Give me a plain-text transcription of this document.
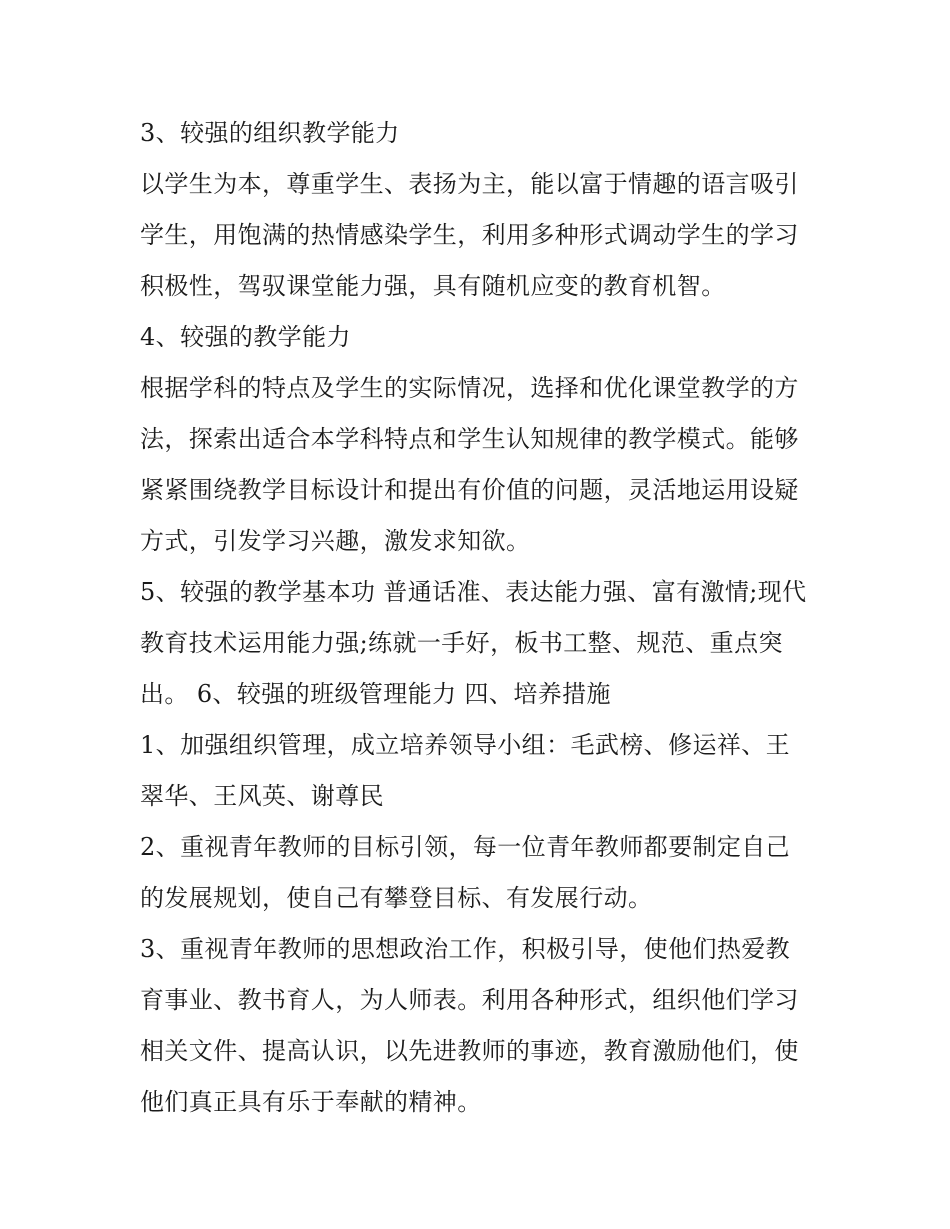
3、较强的组织教学能力
以学生为本，尊重学生、表扬为主，能以富于情趣的语言吸引
学生，用饱满的热情感染学生，利用多种形式调动学生的学习
积极性，驾驭课堂能力强，具有随机应变的教育机智。
4、较强的教学能力
根据学科的特点及学生的实际情况，选择和优化课堂教学的方
法，探索出适合本学科特点和学生认知规律的教学模式。能够
紧紧围绕教学目标设计和提出有价值的问题，灵活地运用设疑
方式，引发学习兴趣，激发求知欲。
5、较强的教学基本功 普通话准、表达能力强、富有激情;现代
教育技术运用能力强;练就一手好，板书工整、规范、重点突
出。 6、较强的班级管理能力 四、培养措施
1、加强组织管理，成立培养领导小组：毛武榜、修运祥、王
翠华、王风英、谢尊民
2、重视青年教师的目标引领，每一位青年教师都要制定自己
的发展规划，使自己有攀登目标、有发展行动。
3、重视青年教师的思想政治工作，积极引导，使他们热爱教
育事业、教书育人，为人师表。利用各种形式，组织他们学习
相关文件、提高认识，以先进教师的事迹，教育激励他们，使
他们真正具有乐于奉献的精神。
